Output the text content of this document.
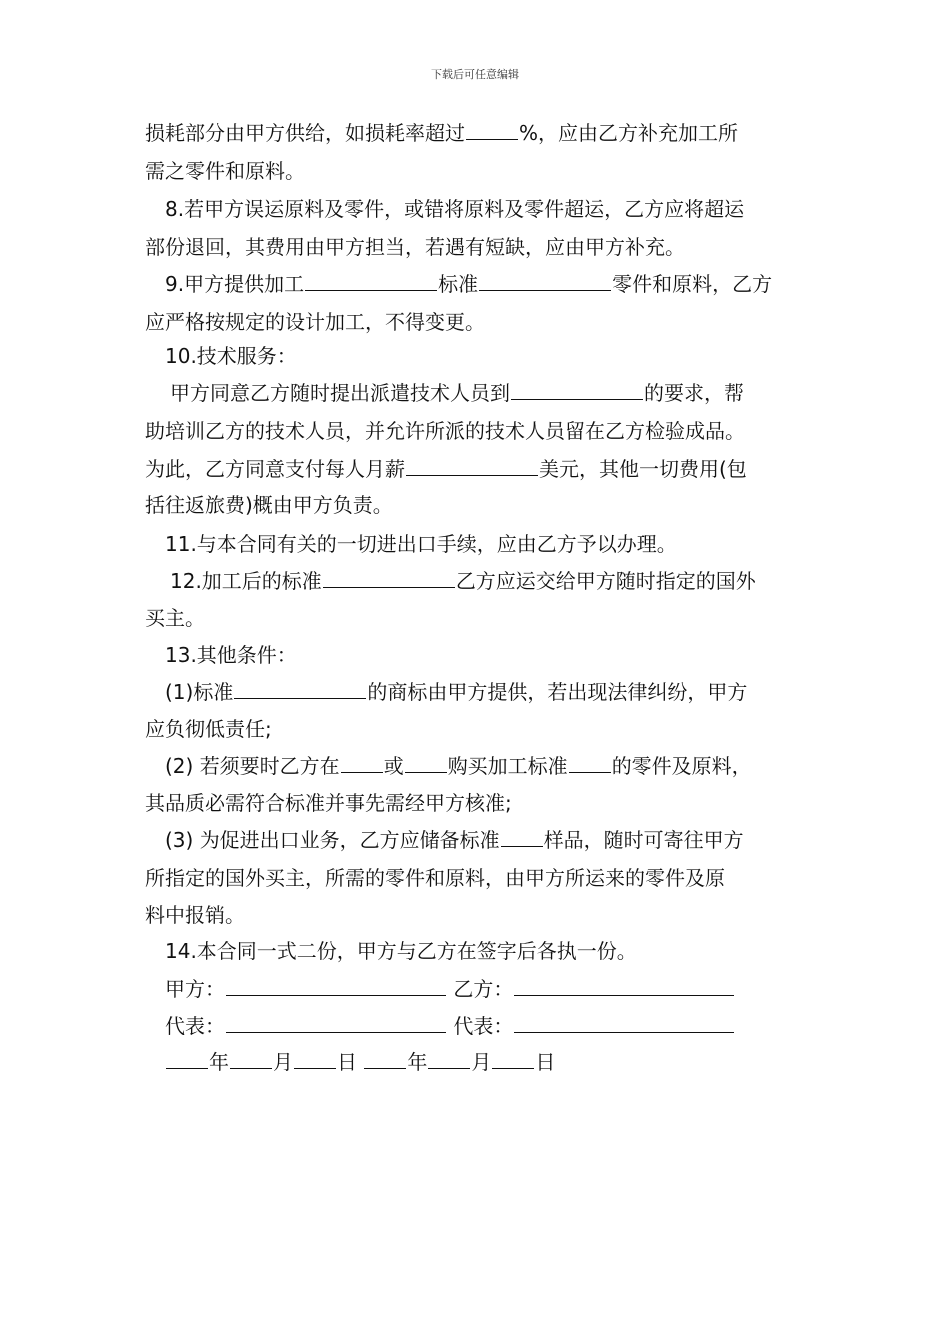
下载后可任意编辑
损耗部分由甲方供给，如损耗率超过	%，应由乙方补充加工所
需之零件和原料。
8.若甲方误运原料及零件，或错将原料及零件超运，乙方应将超运
部份退回，其费用由甲方担当，若遇有短缺，应由甲方补充。
9.甲方提供加工	标准	零件和原料，乙方
应严格按规定的设计加工，不得变更。
10.技术服务：
甲方同意乙方随时提出派遣技术人员到	的要求，帮
助培训乙方的技术人员，并允许所派的技术人员留在乙方检验成品。
为此，乙方同意支付每人月薪	美元，其他一切费用(包
括往返旅费)概由甲方负责。
11.与本合同有关的一切进出口手续，应由乙方予以办理。
12.加工后的标准	乙方应运交给甲方随时指定的国外
买主。
13.其他条件：
(1)标准	的商标由甲方提供，若出现法律纠纷，甲方
应负彻低责任;
(2) 若须要时乙方在 或 购买加工标准 的零件及原料，
其品质必需符合标准并事先需经甲方核准;
(3) 为促进出口业务，乙方应储备标准 样品，随时可寄往甲方
所指定的国外买主，所需的零件和原料，由甲方所运来的零件及原
料中报销。
14.本合同一式二份，甲方与乙方在签字后各执一份。
甲方：	乙方：
代表：	代表：
年 月 日	年 月 日
